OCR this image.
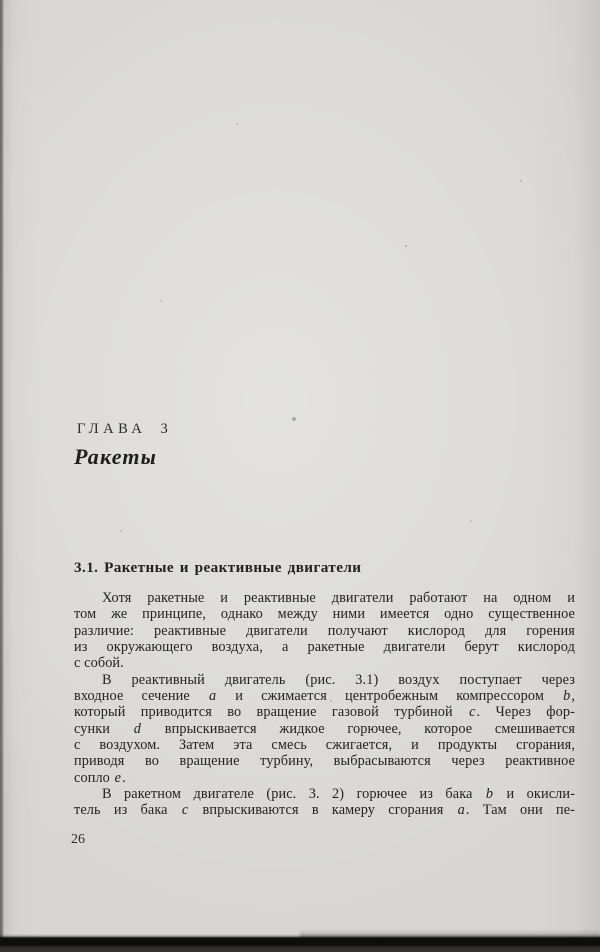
ГЛАВА 3
Ракеты
3.1. Ракетные и реактивные двигатели
Хотя ракетные и реактивные двигатели работают на одном и
том же принципе, однако между ними имеется одно существенное
различие: реактивные двигатели получают кислород для горения
из окружающего воздуха, а ракетные двигатели берут кислород
с собой.
В реактивный двигатель (рис. 3.1) воздух поступает через
входное сечение a и сжимается центробежным компрессором b,
который приводится во вращение газовой турбиной c. Через фор-
сунки d впрыскивается жидкое горючее, которое смешивается
с воздухом. Затем эта смесь сжигается, и продукты сгорания,
приводя во вращение турбину, выбрасываются через реактивное
сопло e.
В ракетном двигателе (рис. 3. 2) горючее из бака b и окисли-
тель из бака c впрыскиваются в камеру сгорания a. Там они пе-
26
